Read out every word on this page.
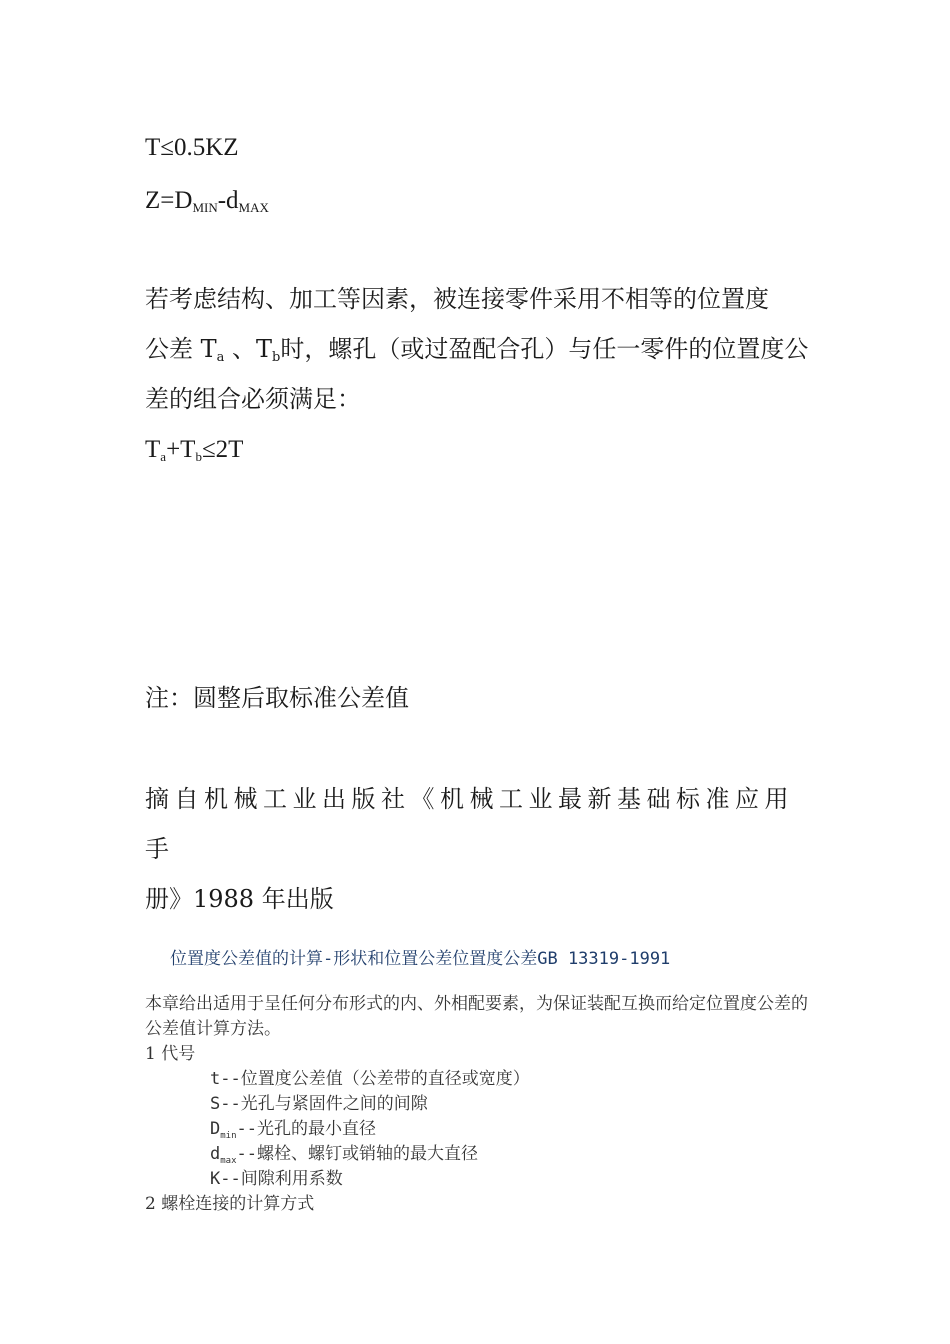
T≤0.5KZ
$Z=D_{MIN}-d_{MAX}$
若考虑结构、加工等因素，被连接零件采用不相等的位置度
公差 $T_a$ 、$T_b$时，螺孔（或过盈配合孔）与任一零件的位置度公
差的组合必须满足：
$T_a+T_b\le 2T$
注：圆整后取标准公差值
摘自机械工业出版社《机械工业最新基础标准应用手
册》1988 年出版
位置度公差值的计算-形状和位置公差位置度公差GB 13319-1991
本章给出适用于呈任何分布形式的内、外相配要素，为保证装配互换而给定位置度公差的公差值计算方法。
1 代号
t--位置度公差值（公差带的直径或宽度）
S--光孔与紧固件之间的间隙
$D_{min}--$光孔的最小直径
$d_{max}--$螺栓、螺钉或销轴的最大直径
K--间隙利用系数
2 螺栓连接的计算方式
